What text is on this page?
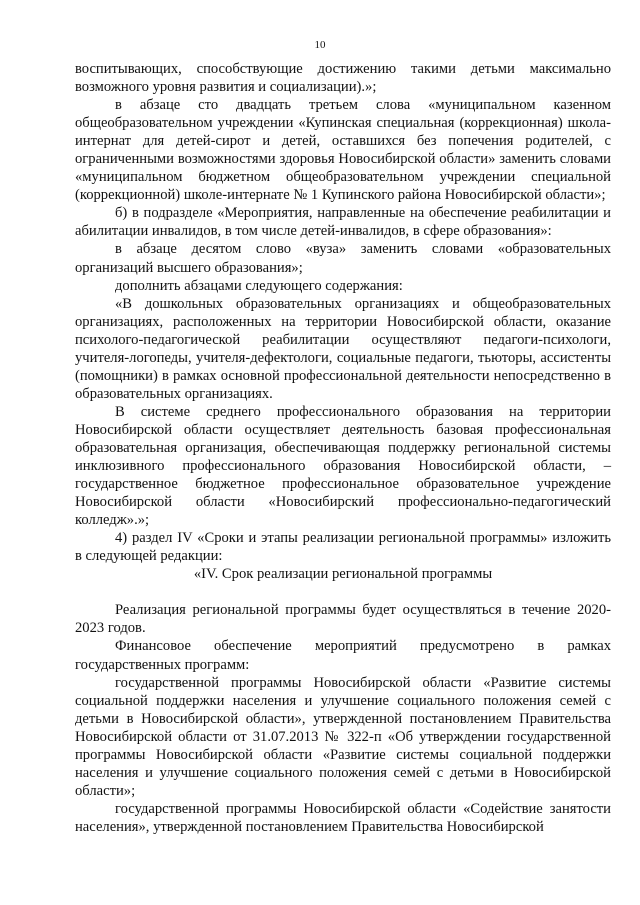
10

воспитывающих, способствующие достижению такими детьми максимально возможного уровня развития и социализации).»;

в абзаце сто двадцать третьем слова «муниципальном казенном общеобразовательном учреждении «Купинская специальная (коррекционная) школа-интернат для детей-сирот и детей, оставшихся без попечения родителей, с ограниченными возможностями здоровья Новосибирской области» заменить словами «муниципальном бюджетном общеобразовательном учреждении специальной (коррекционной) школе-интернате № 1 Купинского района Новосибирской области»;

б) в подразделе «Мероприятия, направленные на обеспечение реабилитации и абилитации инвалидов, в том числе детей-инвалидов, в сфере образования»:

в абзаце десятом слово «вуза» заменить словами «образовательных организаций высшего образования»;

дополнить абзацами следующего содержания:

«В дошкольных образовательных организациях и общеобразовательных организациях, расположенных на территории Новосибирской области, оказание психолого-педагогической реабилитации осуществляют педагоги-психологи, учителя-логопеды, учителя-дефектологи, социальные педагоги, тьюторы, ассистенты (помощники) в рамках основной профессиональной деятельности непосредственно в образовательных организациях.

В системе среднего профессионального образования на территории Новосибирской области осуществляет деятельность базовая профессиональная образовательная организация, обеспечивающая поддержку региональной системы инклюзивного профессионального образования Новосибирской области, – государственное бюджетное профессиональное образовательное учреждение Новосибирской области «Новосибирский профессионально-педагогический колледж».»;

4) раздел IV «Сроки и этапы реализации региональной программы» изложить в следующей редакции:

«IV. Срок реализации региональной программы

Реализация региональной программы будет осуществляться в течение 2020-2023 годов.

Финансовое обеспечение мероприятий предусмотрено в рамках государственных программ:

государственной программы Новосибирской области «Развитие системы социальной поддержки населения и улучшение социального положения семей с детьми в Новосибирской области», утвержденной постановлением Правительства Новосибирской области от 31.07.2013 № 322-п «Об утверждении государственной программы Новосибирской области «Развитие системы социальной поддержки населения и улучшение социального положения семей с детьми в Новосибирской области»;

государственной программы Новосибирской области «Содействие занятости населения», утвержденной постановлением Правительства Новосибирской
